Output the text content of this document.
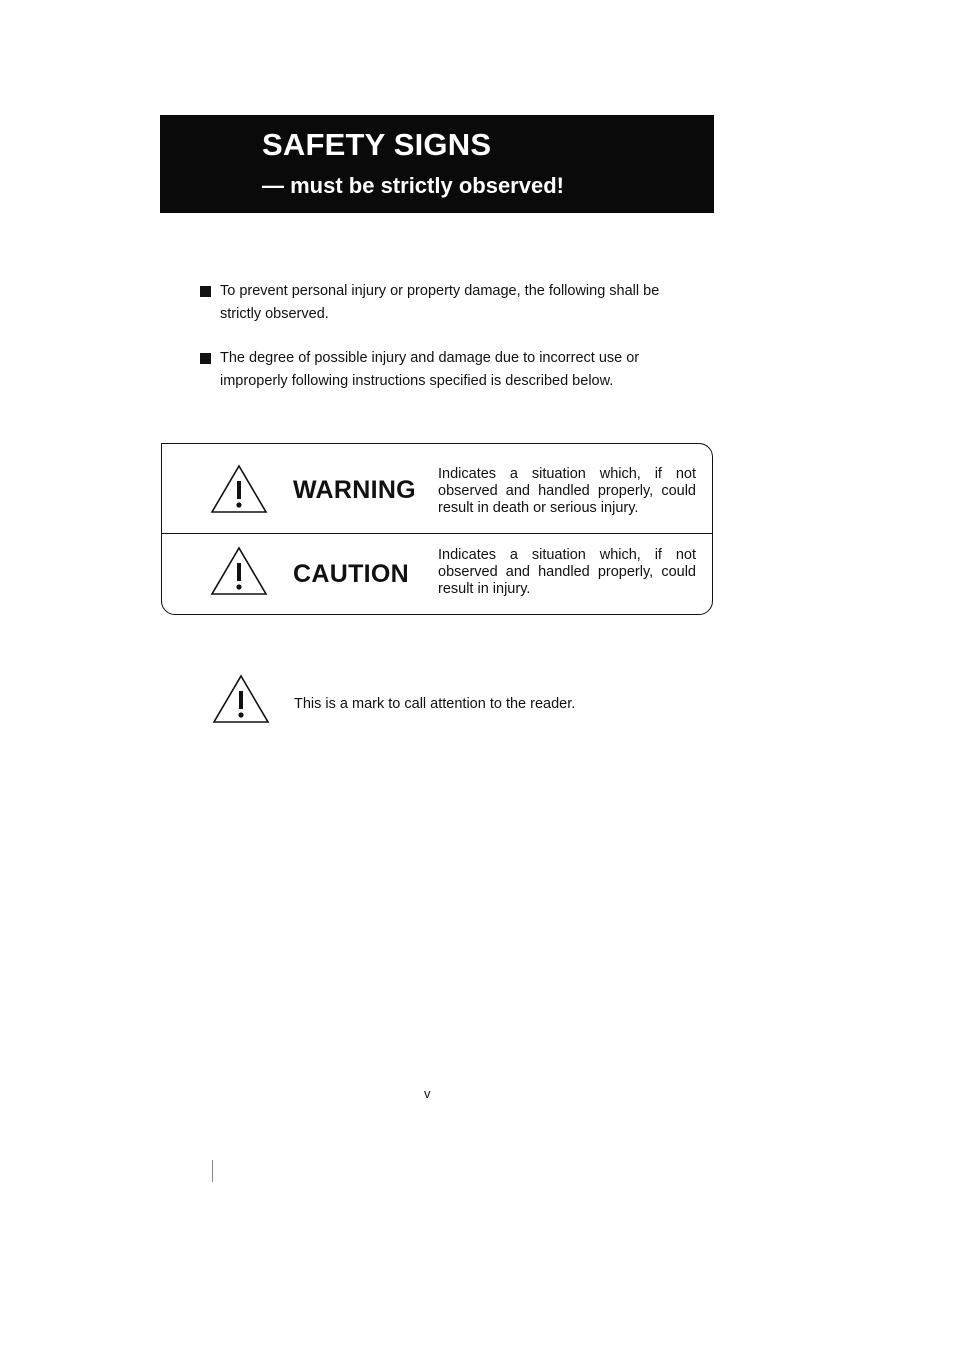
SAFETY SIGNS
— must be strictly observed!
To prevent personal injury or property damage, the following shall be strictly observed.
The degree of possible injury and damage due to incorrect use or improperly following instructions specified is described below.
WARNING
Indicates a situation which, if not observed and handled properly, could result in death or serious injury.
CAUTION
Indicates a situation which, if not observed and handled properly, could result in injury.
This is a mark to call attention to the reader.
v
